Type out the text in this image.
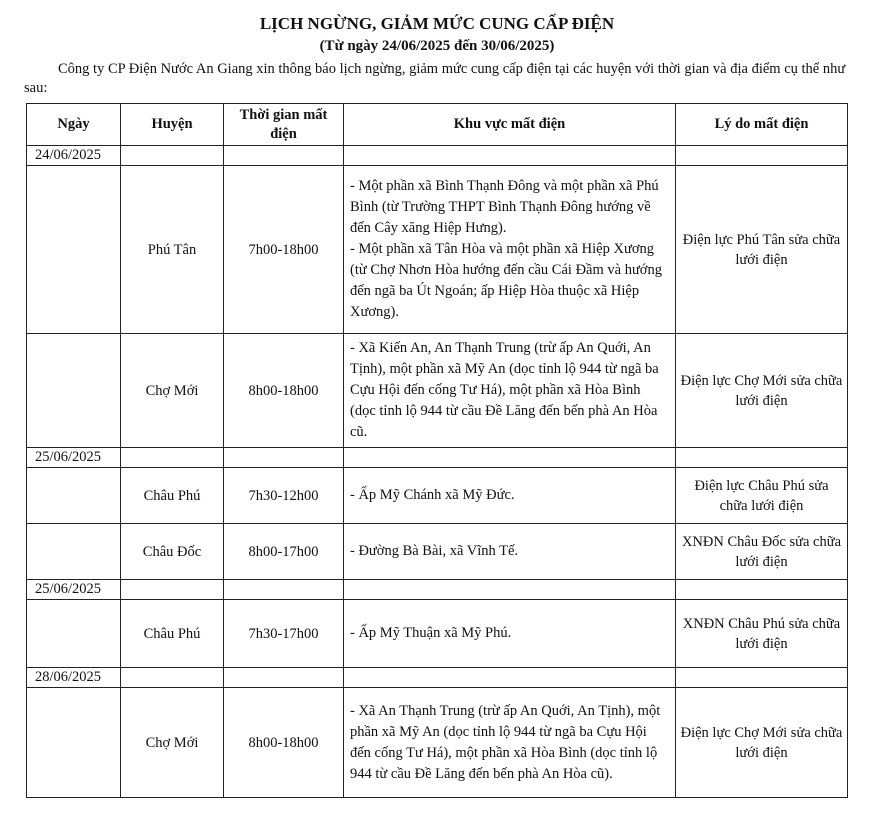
LỊCH NGỪNG, GIẢM MỨC CUNG CẤP ĐIỆN
(Từ ngày 24/06/2025 đến 30/06/2025)
Công ty CP Điện Nước An Giang xin thông báo lịch ngừng, giảm mức cung cấp điện tại các huyện với thời gian và địa điểm cụ thể như sau:
Ngày	Huyện	Thời gian mất điện	Khu vực mất điện	Lý do mất điện
24/06/2025				
	Phú Tân	7h00-18h00	- Một phần xã Bình Thạnh Đông và một phần xã Phú Bình (từ Trường THPT Bình Thạnh Đông hướng về đến Cây xăng Hiệp Hưng).
- Một phần xã Tân Hòa và một phần xã Hiệp Xương (từ Chợ Nhơn Hòa hướng đến cầu Cái Đầm và hướng đến ngã ba Út Ngoán; ấp Hiệp Hòa thuộc xã Hiệp Xương).	Điện lực Phú Tân sửa chữa lưới điện
	Chợ Mới	8h00-18h00	- Xã Kiến An, An Thạnh Trung (trừ ấp An Quới, An Tịnh), một phần xã Mỹ An (dọc tỉnh lộ 944 từ ngã ba Cựu Hội đến cống Tư Há), một phần xã Hòa Bình (dọc tỉnh lộ 944 từ cầu Đề Lăng đến bến phà An Hòa cũ.	Điện lực Chợ Mới sửa chữa lưới điện
25/06/2025				
	Châu Phú	7h30-12h00	- Ấp Mỹ Chánh xã Mỹ Đức.	Điện lực Châu Phú sửa chữa lưới điện
	Châu Đốc	8h00-17h00	- Đường Bà Bài, xã Vĩnh Tế.	XNĐN Châu Đốc sửa chữa lưới điện
25/06/2025				
	Châu Phú	7h30-17h00	- Ấp Mỹ Thuận xã Mỹ Phú.	XNĐN Châu Phú sửa chữa lưới điện
28/06/2025				
	Chợ Mới	8h00-18h00	- Xã An Thạnh Trung (trừ ấp An Quới, An Tịnh), một phần xã Mỹ An (dọc tỉnh lộ 944 từ ngã ba Cựu Hội đến cống Tư Há), một phần xã Hòa Bình (dọc tỉnh lộ 944 từ cầu Đề Lăng đến bến phà An Hòa cũ).	Điện lực Chợ Mới sửa chữa lưới điện
